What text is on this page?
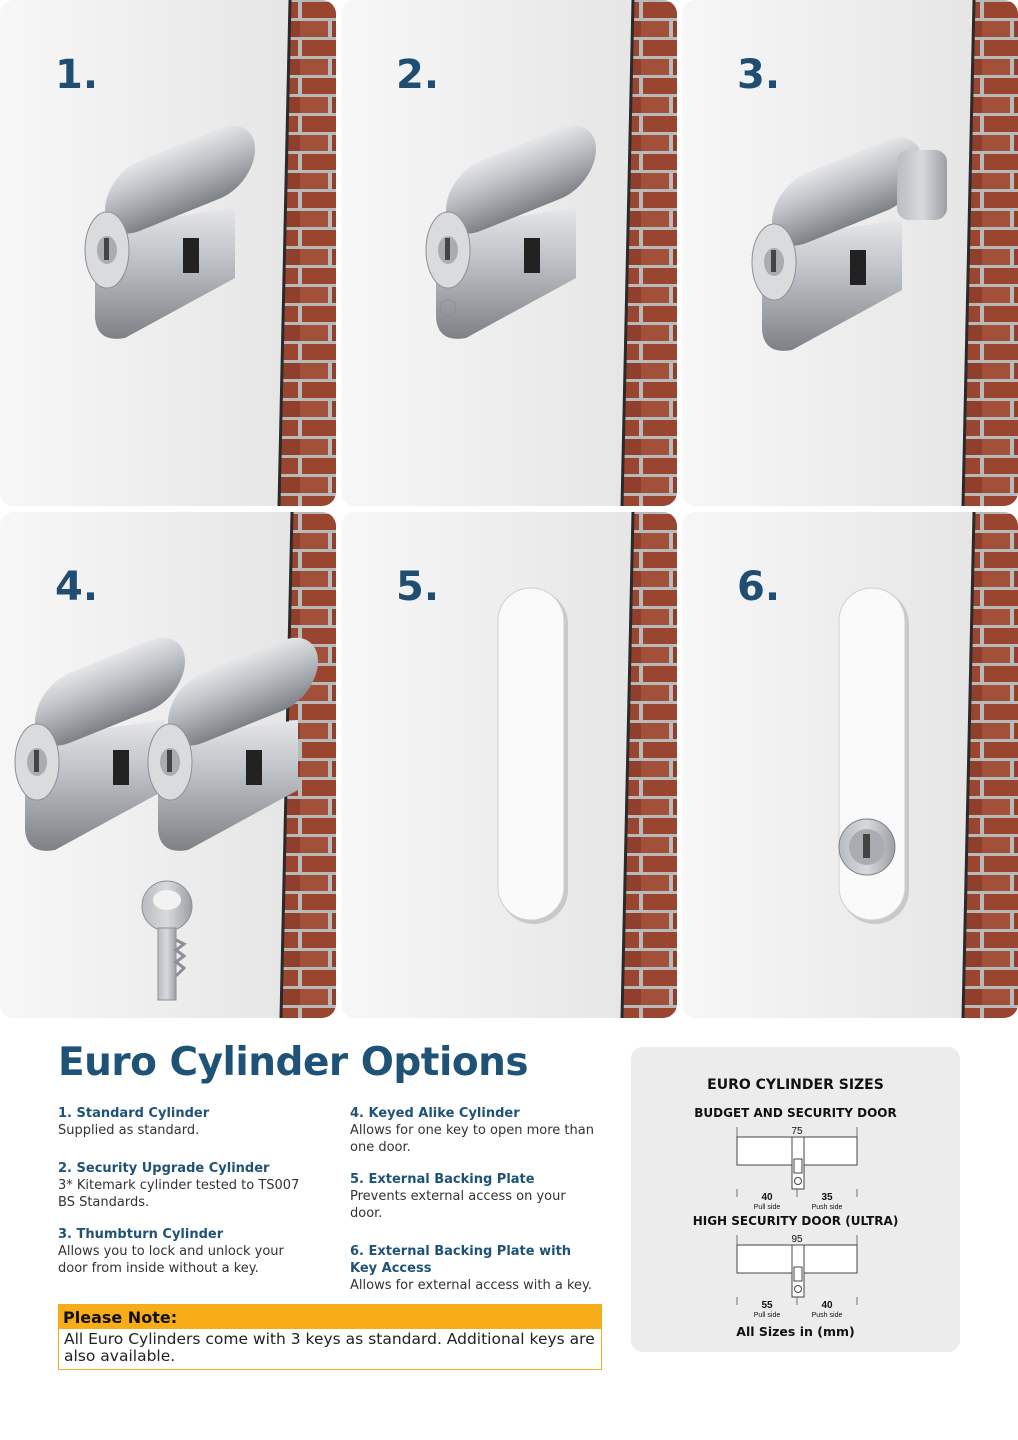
1.	2.	3.
4.	5.	6.
Euro Cylinder Options
1. Standard Cylinder
Supplied as standard.
2. Security Upgrade Cylinder
3* Kitemark cylinder tested to TS007 BS Standards.
3. Thumbturn Cylinder
Allows you to lock and unlock your door from inside without a key.
4. Keyed Alike Cylinder
Allows for one key to open more than one door.
5. External Backing Plate
Prevents external access on your door.
6. External Backing Plate with Key Access
Allows for external access with a key.
Please Note:
All Euro Cylinders come with 3 keys as standard. Additional keys are also available.
EURO CYLINDER SIZES
BUDGET AND SECURITY DOOR
75
40	35
Pull side	Push side
HIGH SECURITY DOOR (ULTRA)
95
55	40
Pull side	Push side
All Sizes in (mm)
